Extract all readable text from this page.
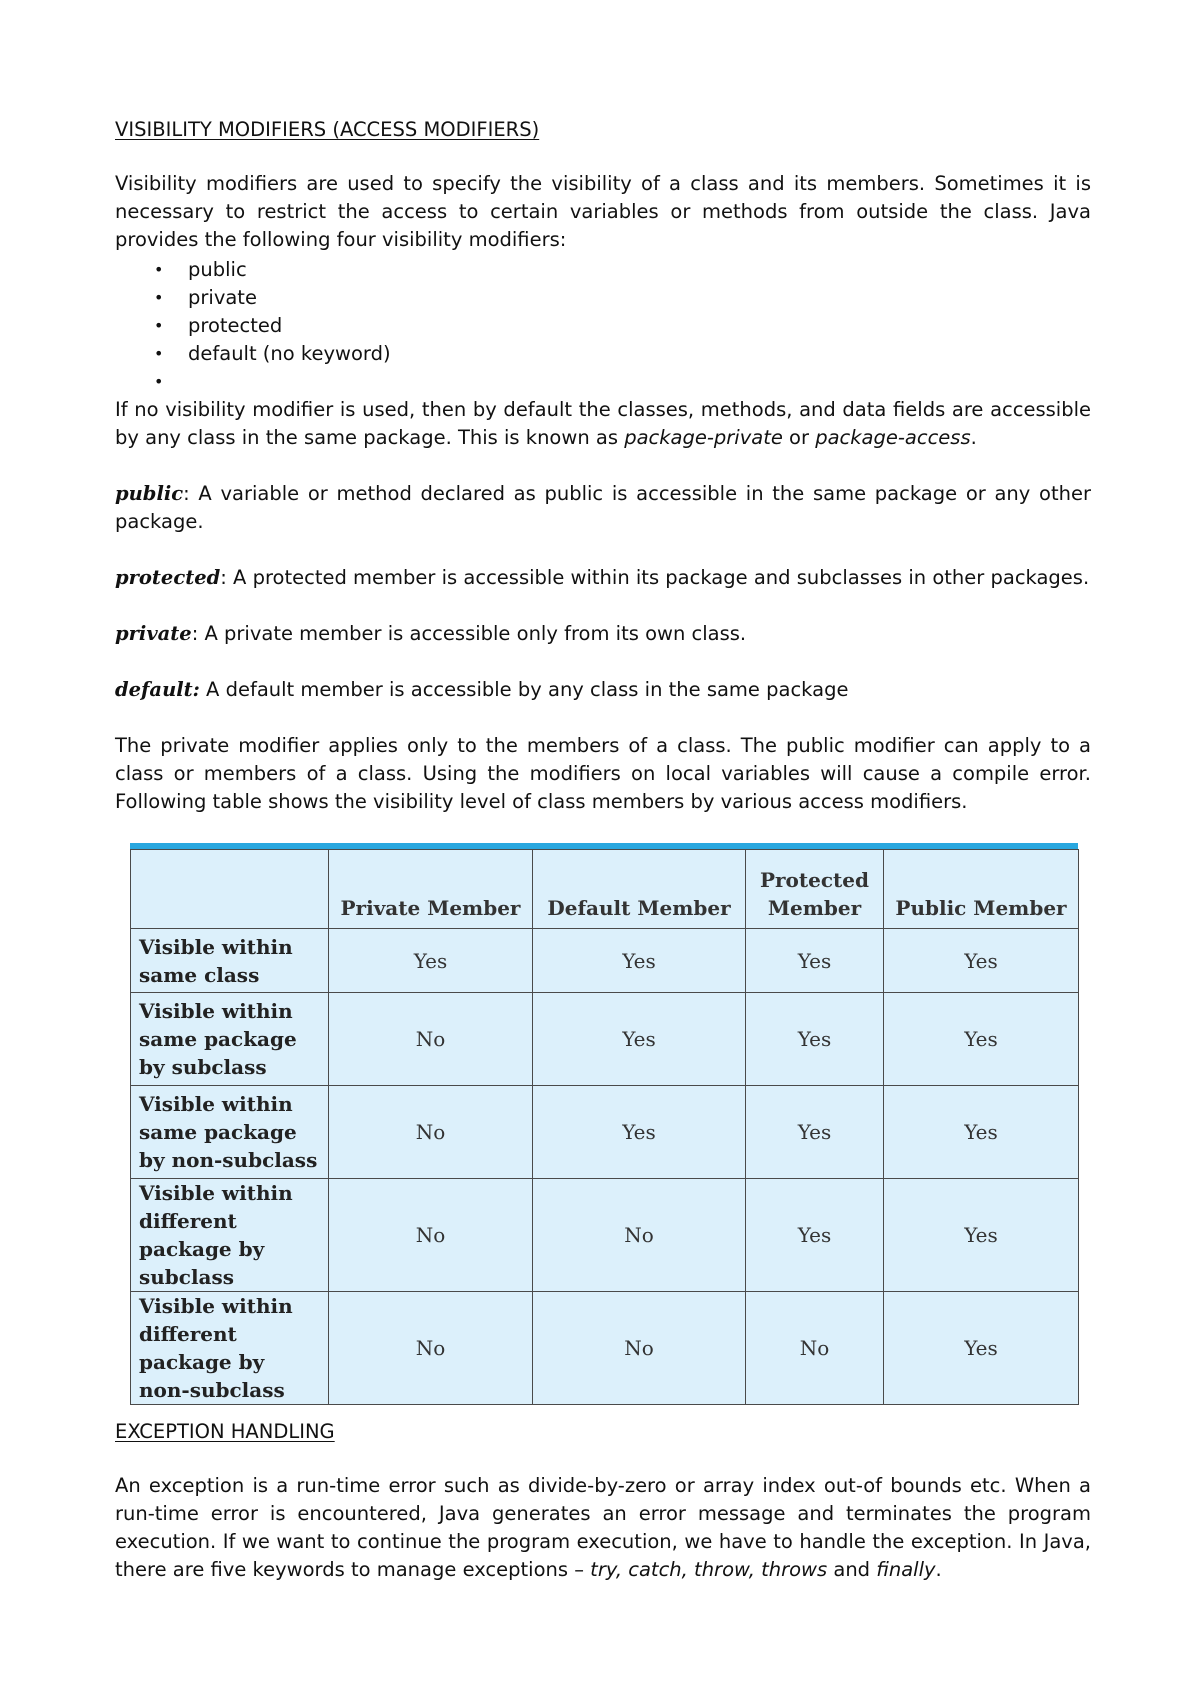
VISIBILITY MODIFIERS (ACCESS MODIFIERS)
Visibility modifiers are used to specify the visibility of a class and its members. Sometimes it is necessary to restrict the access to certain variables or methods from outside the class. Java provides the following four visibility modifiers:
• public
• private
• protected
• default (no keyword)
•
If no visibility modifier is used, then by default the classes, methods, and data fields are accessible by any class in the same package. This is known as package-private or package-access.
public: A variable or method declared as public is accessible in the same package or any other package.
protected: A protected member is accessible within its package and subclasses in other packages.
private: A private member is accessible only from its own class.
default: A default member is accessible by any class in the same package
The private modifier applies only to the members of a class. The public modifier can apply to a class or members of a class. Using the modifiers on local variables will cause a compile error. Following table shows the visibility level of class members by various access modifiers.
EXCEPTION HANDLING
An exception is a run-time error such as divide-by-zero or array index out-of bounds etc. When a run-time error is encountered, Java generates an error message and terminates the program execution. If we want to continue the program execution, we have to handle the exception. In Java, there are five keywords to manage exceptions – try, catch, throw, throws and finally.
	Private Member	Default Member	Protected Member	Public Member
Visible within same class	Yes	Yes	Yes	Yes
Visible within same package by subclass	No	Yes	Yes	Yes
Visible within same package by non-subclass	No	Yes	Yes	Yes
Visible within different package by subclass	No	No	Yes	Yes
Visible within different package by non-subclass	No	No	No	Yes
